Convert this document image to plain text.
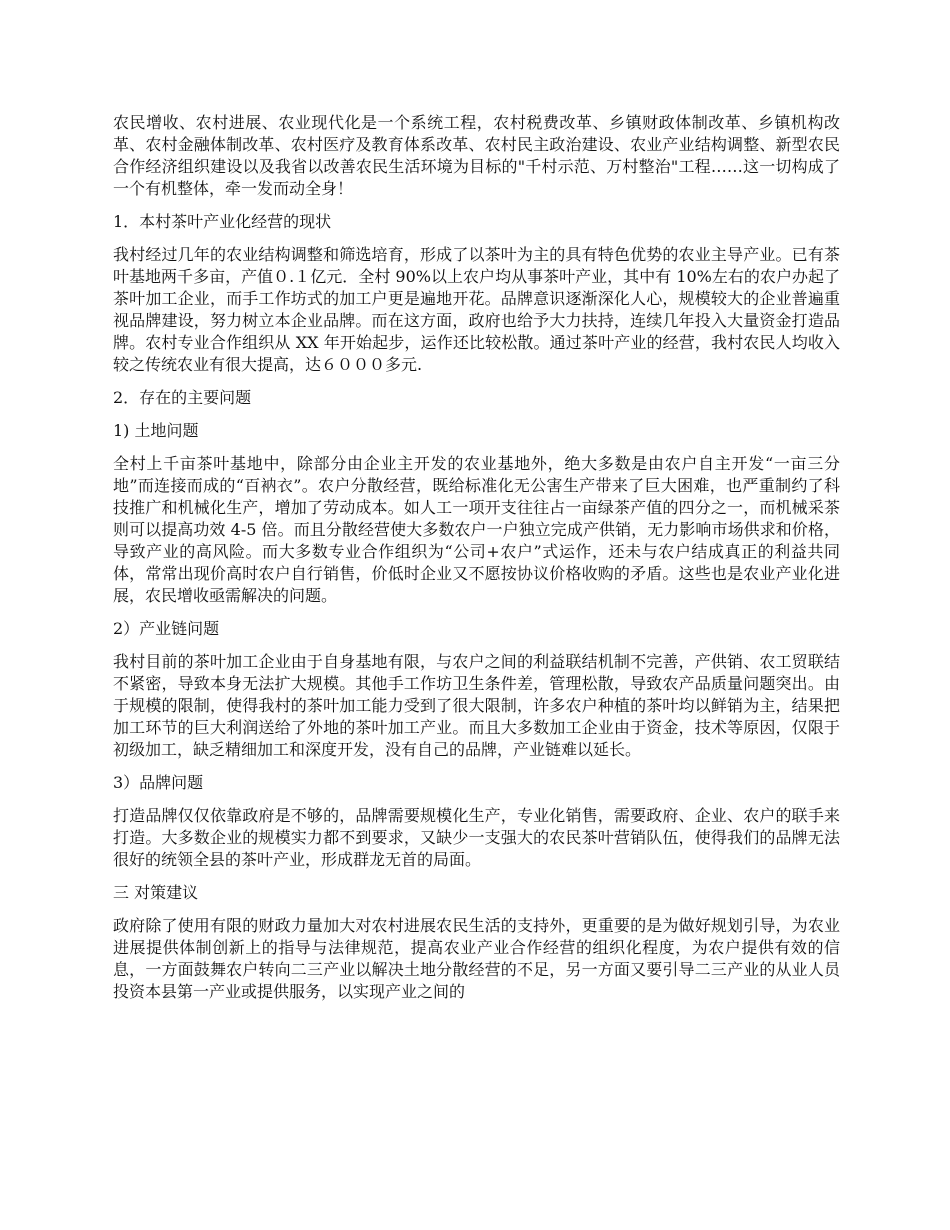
农民增收、农村进展、农业现代化是一个系统工程，农村税费改革、乡镇财政体制改革、乡镇机构改革、农村金融体制改革、农村医疗及教育体系改革、农村民主政治建设、农业产业结构调整、新型农民合作经济组织建设以及我省以改善农民生活环境为目标的"千村示范、万村整治"工程……这一切构成了一个有机整体，牵一发而动全身！

1．本村茶叶产业化经营的现状

我村经过几年的农业结构调整和筛选培育，形成了以茶叶为主的具有特色优势的农业主导产业。已有茶叶基地两千多亩，产值０.１亿元．全村 90%以上农户均从事茶叶产业，其中有 10%左右的农户办起了茶叶加工企业，而手工作坊式的加工户更是遍地开花。品牌意识逐渐深化人心，规模较大的企业普遍重视品牌建设，努力树立本企业品牌。而在这方面，政府也给予大力扶持，连续几年投入大量资金打造品牌。农村专业合作组织从 XX 年开始起步，运作还比较松散。通过茶叶产业的经营，我村农民人均收入较之传统农业有很大提高，达６０００多元.

2．存在的主要问题

1) 土地问题

全村上千亩茶叶基地中，除部分由企业主开发的农业基地外，绝大多数是由农户自主开发“一亩三分地”而连接而成的“百衲衣”。农户分散经营，既给标准化无公害生产带来了巨大困难，也严重制约了科技推广和机械化生产，增加了劳动成本。如人工一项开支往往占一亩绿茶产值的四分之一，而机械采茶则可以提高功效 4-5 倍。而且分散经营使大多数农户一户独立完成产供销，无力影响市场供求和价格，导致产业的高风险。而大多数专业合作组织为“公司+农户”式运作，还未与农户结成真正的利益共同体，常常出现价高时农户自行销售，价低时企业又不愿按协议价格收购的矛盾。这些也是农业产业化进展，农民增收亟需解决的问题。

2）产业链问题

我村目前的茶叶加工企业由于自身基地有限，与农户之间的利益联结机制不完善，产供销、农工贸联结不紧密，导致本身无法扩大规模。其他手工作坊卫生条件差，管理松散，导致农产品质量问题突出。由于规模的限制，使得我村的茶叶加工能力受到了很大限制，许多农户种植的茶叶均以鲜销为主，结果把加工环节的巨大利润送给了外地的茶叶加工产业。而且大多数加工企业由于资金，技术等原因，仅限于初级加工，缺乏精细加工和深度开发，没有自己的品牌，产业链难以延长。

3）品牌问题

打造品牌仅仅依靠政府是不够的，品牌需要规模化生产，专业化销售，需要政府、企业、农户的联手来打造。大多数企业的规模实力都不到要求，又缺少一支强大的农民茶叶营销队伍，使得我们的品牌无法很好的统领全县的茶叶产业，形成群龙无首的局面。

三 对策建议

政府除了使用有限的财政力量加大对农村进展农民生活的支持外，更重要的是为做好规划引导，为农业进展提供体制创新上的指导与法律规范，提高农业产业合作经营的组织化程度，为农户提供有效的信息，一方面鼓舞农户转向二三产业以解决土地分散经营的不足，另一方面又要引导二三产业的从业人员投资本县第一产业或提供服务，以实现产业之间的
